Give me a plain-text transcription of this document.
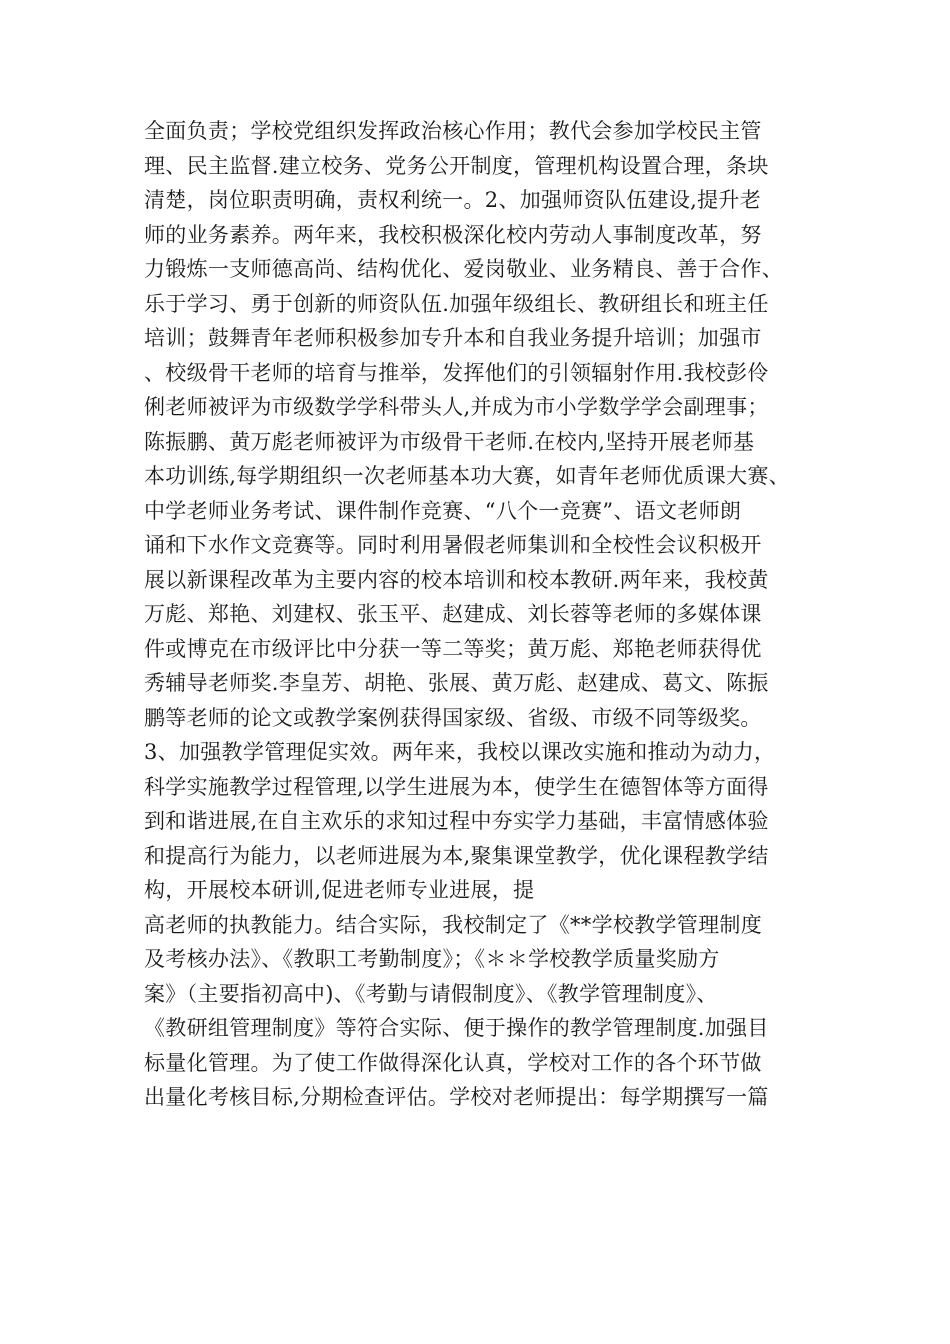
全面负责；学校党组织发挥政治核心作用；教代会参加学校民主管
理、民主监督.建立校务、党务公开制度，管理机构设置合理，条块
清楚，岗位职责明确，责权利统一。2、加强师资队伍建设,提升老
师的业务素养。两年来，我校积极深化校内劳动人事制度改革，努
力锻炼一支师德高尚、结构优化、爱岗敬业、业务精良、善于合作、
乐于学习、勇于创新的师资队伍.加强年级组长、教研组长和班主任
培训；鼓舞青年老师积极参加专升本和自我业务提升培训；加强市
、校级骨干老师的培育与推举，发挥他们的引领辐射作用.我校彭伶
俐老师被评为市级数学学科带头人,并成为市小学数学学会副理事；
陈振鹏、黄万彪老师被评为市级骨干老师.在校内,坚持开展老师基
本功训练,每学期组织一次老师基本功大赛，如青年老师优质课大赛、
中学老师业务考试、课件制作竞赛、“八个一竞赛”、语文老师朗
诵和下水作文竞赛等。同时利用暑假老师集训和全校性会议积极开
展以新课程改革为主要内容的校本培训和校本教研.两年来，我校黄
万彪、郑艳、刘建权、张玉平、赵建成、刘长蓉等老师的多媒体课
件或博克在市级评比中分获一等二等奖；黄万彪、郑艳老师获得优
秀辅导老师奖.李皇芳、胡艳、张展、黄万彪、赵建成、葛文、陈振
鹏等老师的论文或教学案例获得国家级、省级、市级不同等级奖。
3、加强教学管理促实效。两年来，我校以课改实施和推动为动力，
科学实施教学过程管理,以学生进展为本，使学生在德智体等方面得
到和谐进展,在自主欢乐的求知过程中夯实学力基础，丰富情感体验
和提高行为能力，以老师进展为本,聚集课堂教学，优化课程教学结
构，开展校本研训,促进老师专业进展，提
高老师的执教能力。结合实际，我校制定了《**学校教学管理制度
及考核办法》、《教职工考勤制度》；《＊＊学校教学质量奖励方
案》（主要指初高中)、《考勤与请假制度》、《教学管理制度》、
《教研组管理制度》等符合实际、便于操作的教学管理制度.加强目
标量化管理。为了使工作做得深化认真，学校对工作的各个环节做
出量化考核目标,分期检查评估。学校对老师提出：每学期撰写一篇
